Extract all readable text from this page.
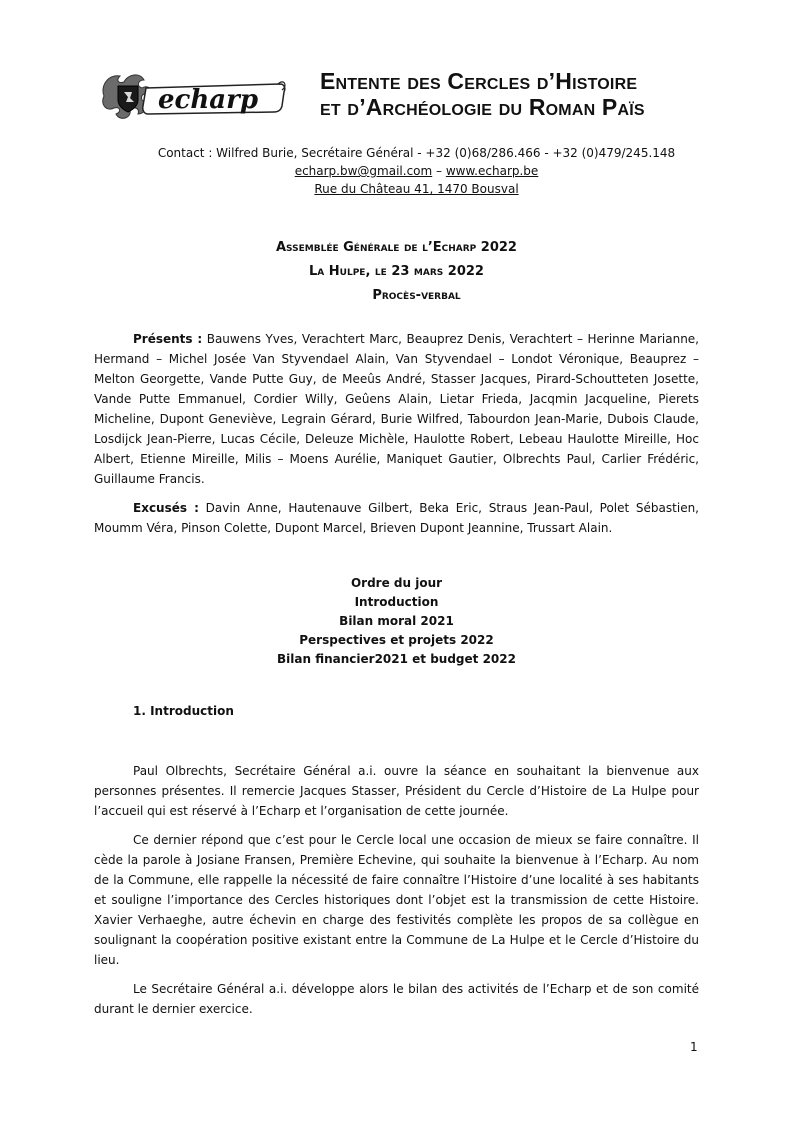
echarp
Entente des Cercles d’Histoire
et d’Archéologie du Roman Païs
Contact : Wilfred Burie, Secrétaire Général - +32 (0)68/286.466 - +32 (0)479/245.148
echarp.bw@gmail.com – www.echarp.be
Rue du Château 41, 1470 Bousval
Assemblée Générale de l’Echarp 2022
La Hulpe, le 23 mars 2022
Procès-verbal

Présents : Bauwens Yves, Verachtert Marc, Beauprez Denis, Verachtert – Herinne Marianne, Hermand – Michel Josée Van Styvendael Alain, Van Styvendael – Londot Véronique, Beauprez – Melton Georgette, Vande Putte Guy, de Meeûs André, Stasser Jacques, Pirard-Schoutteten Josette, Vande Putte Emmanuel, Cordier Willy, Geûens Alain, Lietar Frieda, Jacqmin Jacqueline, Pierets Micheline, Dupont Geneviève, Legrain Gérard, Burie Wilfred, Tabourdon Jean-Marie, Dubois Claude, Losdijck Jean-Pierre, Lucas Cécile, Deleuze Michèle, Haulotte Robert, Lebeau Haulotte Mireille, Hoc Albert, Etienne Mireille, Milis – Moens Aurélie, Maniquet Gautier, Olbrechts Paul, Carlier Frédéric, Guillaume Francis.

Excusés : Davin Anne, Hautenauve Gilbert, Beka Eric, Straus Jean-Paul, Polet Sébastien, Moumm Véra, Pinson Colette, Dupont Marcel, Brieven Dupont Jeannine, Trussart Alain.

Ordre du jour
Introduction
Bilan moral 2021
Perspectives et projets 2022
Bilan financier2021 et budget 2022
1. Introduction

Paul Olbrechts, Secrétaire Général a.i. ouvre la séance en souhaitant la bienvenue aux personnes présentes. Il remercie Jacques Stasser, Président du Cercle d’Histoire de La Hulpe pour l’accueil qui est réservé à l’Echarp et l’organisation de cette journée.

Ce dernier répond que c’est pour le Cercle local une occasion de mieux se faire connaître. Il cède la parole à Josiane Fransen, Première Echevine, qui souhaite la bienvenue à l’Echarp. Au nom de la Commune, elle rappelle la nécessité de faire connaître l’Histoire d’une localité à ses habitants et souligne l’importance des Cercles historiques dont l’objet est la transmission de cette Histoire. Xavier Verhaeghe, autre échevin en charge des festivités complète les propos de sa collègue en soulignant la coopération positive existant entre la Commune de La Hulpe et le Cercle d’Histoire du lieu.

Le Secrétaire Général a.i. développe alors le bilan des activités de l’Echarp et de son comité durant le dernier exercice.

1
